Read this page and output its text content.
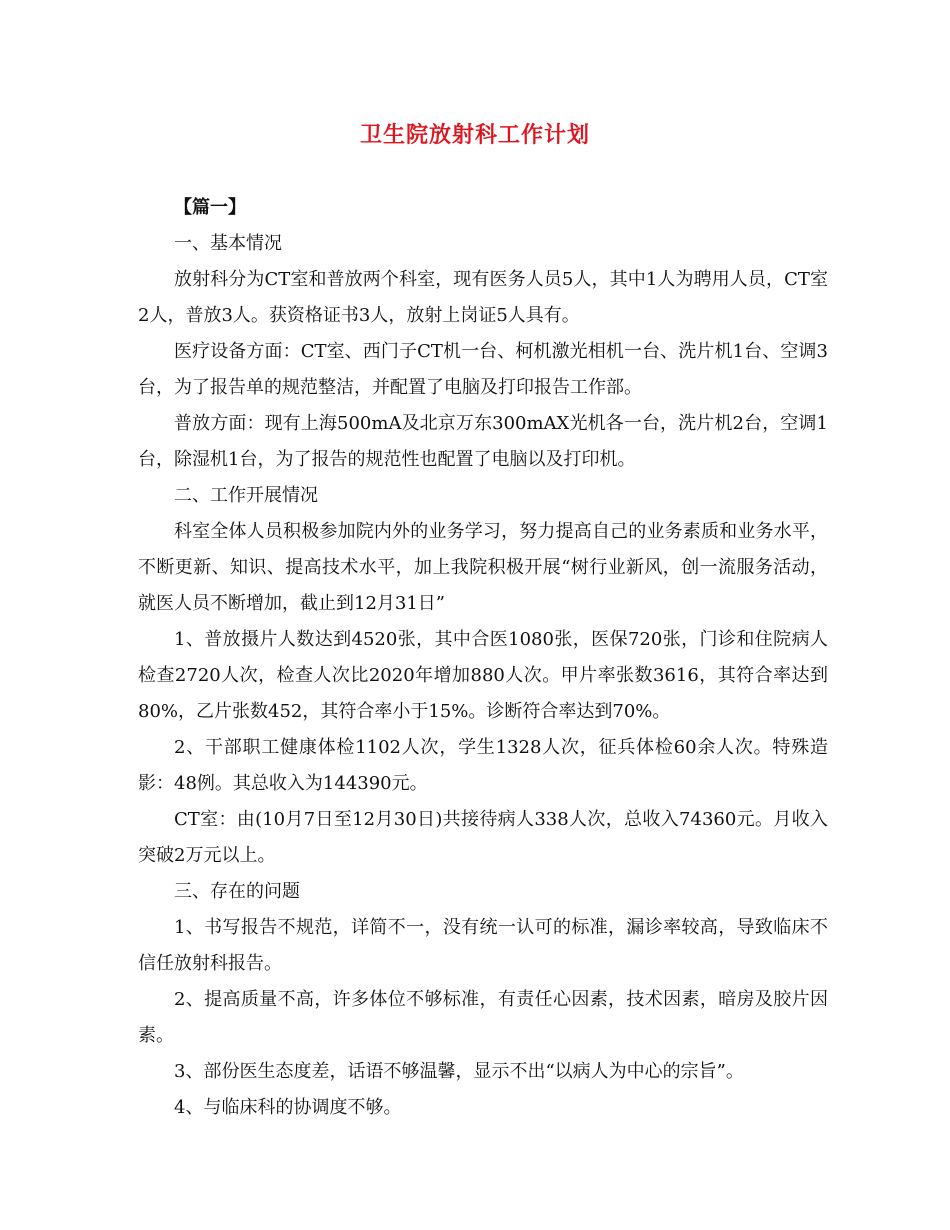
卫生院放射科工作计划

【篇一】

一、基本情况

放射科分为CT室和普放两个科室，现有医务人员5人，其中1人为聘用人员，CT室2人，普放3人。获资格证书3人，放射上岗证5人具有。

医疗设备方面：CT室、西门子CT机一台、柯机激光相机一台、洗片机1台、空调3台，为了报告单的规范整洁，并配置了电脑及打印报告工作部。

普放方面：现有上海500mA及北京万东300mAX光机各一台，洗片机2台，空调1台，除湿机1台，为了报告的规范性也配置了电脑以及打印机。

二、工作开展情况

科室全体人员积极参加院内外的业务学习，努力提高自己的业务素质和业务水平，不断更新、知识、提高技术水平，加上我院积极开展“树行业新风，创一流服务活动，就医人员不断增加，截止到12月31日”

1、普放摄片人数达到4520张，其中合医1080张，医保720张，门诊和住院病人检查2720人次，检查人次比2020年增加880人次。甲片率张数3616，其符合率达到80%，乙片张数452，其符合率小于15%。诊断符合率达到70%。

2、干部职工健康体检1102人次，学生1328人次，征兵体检60余人次。特殊造影：48例。其总收入为144390元。

CT室：由(10月7日至12月30日)共接待病人338人次，总收入74360元。月收入突破2万元以上。

三、存在的问题

1、书写报告不规范，详简不一，没有统一认可的标准，漏诊率较高，导致临床不信任放射科报告。

2、提高质量不高，许多体位不够标准，有责任心因素，技术因素，暗房及胶片因素。

3、部份医生态度差，话语不够温馨，显示不出“以病人为中心的宗旨”。

4、与临床科的协调度不够。
